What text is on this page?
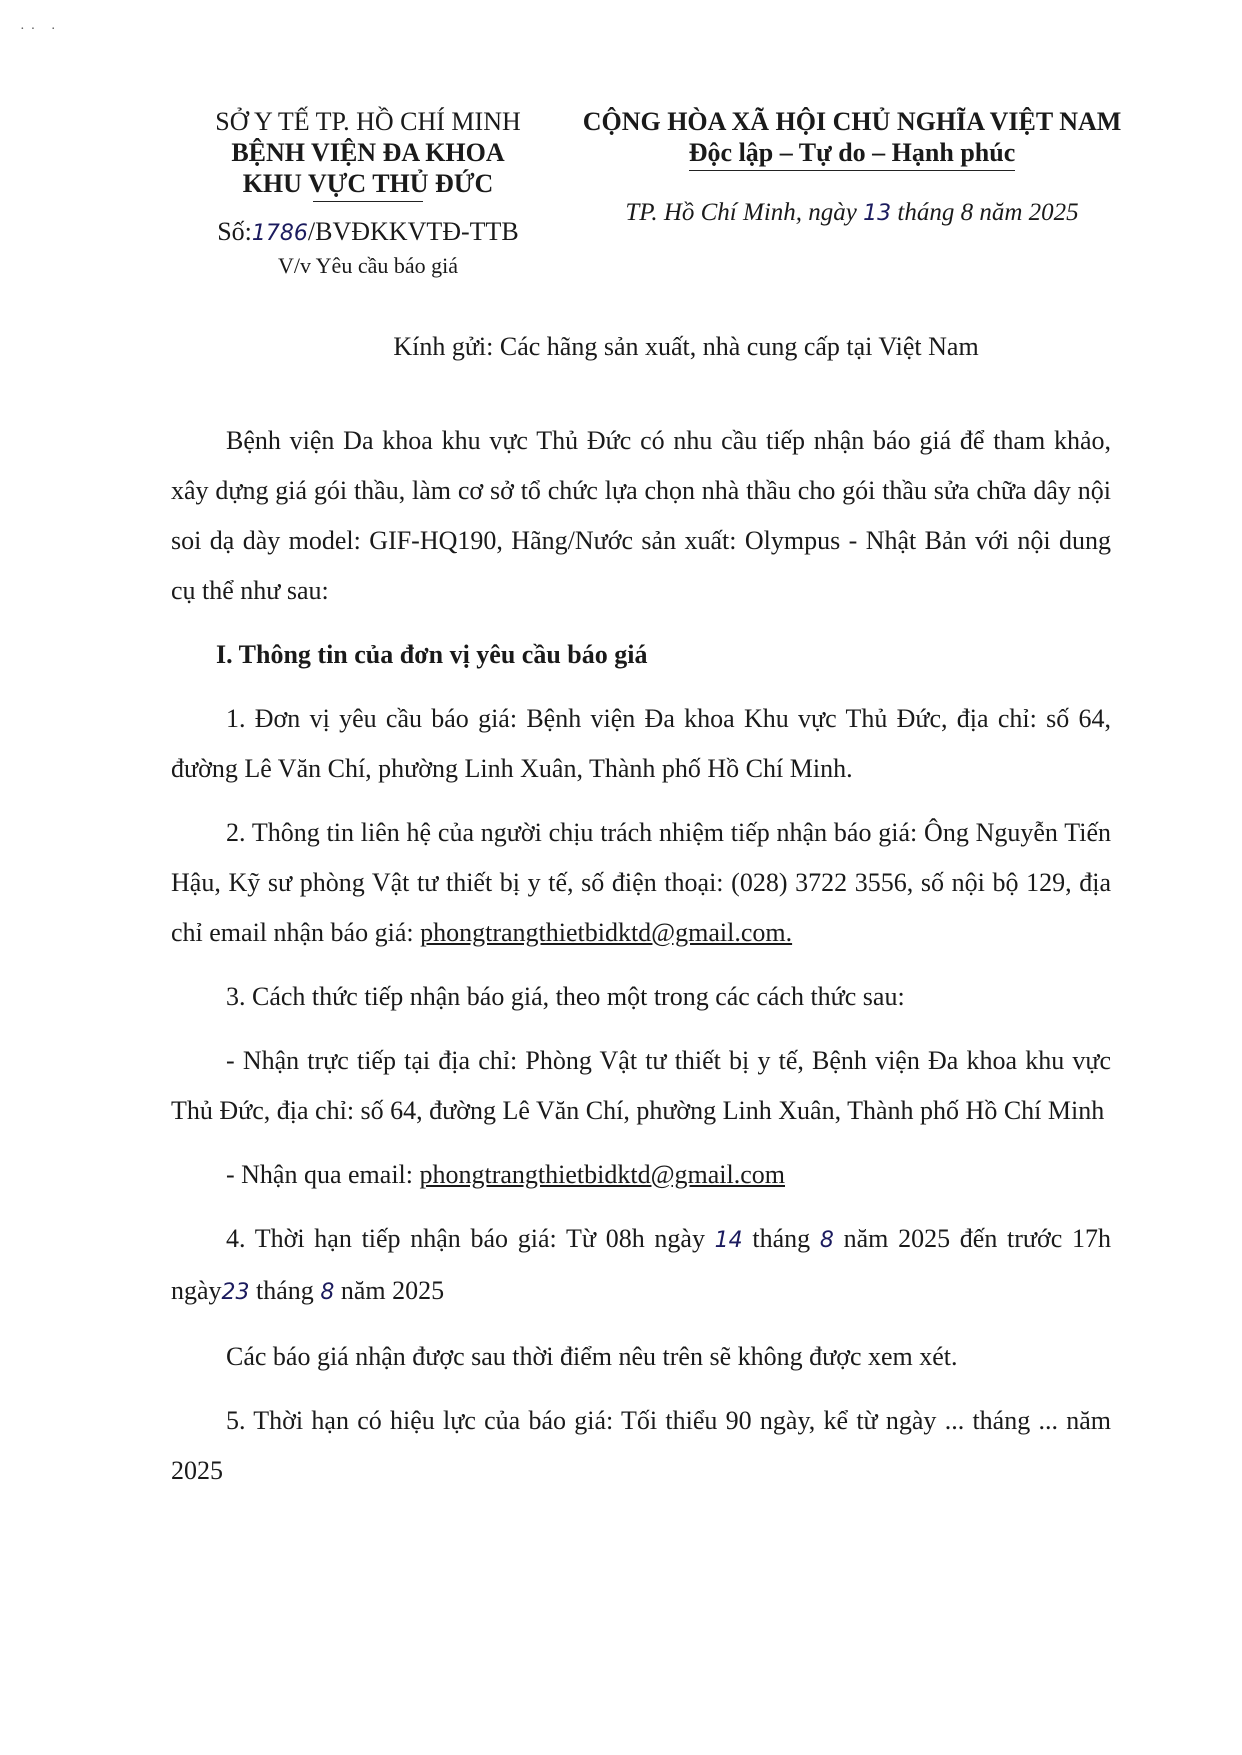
·· ·
SỞ Y TẾ TP. HỒ CHÍ MINH
BỆNH VIỆN ĐA KHOA
KHU VỰC THỦ ĐỨC
Số:1786/BVĐKKVTĐ-TTB
V/v Yêu cầu báo giá
CỘNG HÒA XÃ HỘI CHỦ NGHĨA VIỆT NAM
Độc lập – Tự do – Hạnh phúc
TP. Hồ Chí Minh, ngày 13 tháng 8 năm 2025
Kính gửi: Các hãng sản xuất, nhà cung cấp tại Việt Nam

Bệnh viện Da khoa khu vực Thủ Đức có nhu cầu tiếp nhận báo giá để tham khảo, xây dựng giá gói thầu, làm cơ sở tổ chức lựa chọn nhà thầu cho gói thầu sửa chữa dây nội soi dạ dày model: GIF-HQ190, Hãng/Nước sản xuất: Olympus - Nhật Bản với nội dung cụ thể như sau:

I. Thông tin của đơn vị yêu cầu báo giá

1. Đơn vị yêu cầu báo giá: Bệnh viện Đa khoa Khu vực Thủ Đức, địa chỉ: số 64, đường Lê Văn Chí, phường Linh Xuân, Thành phố Hồ Chí Minh.

2. Thông tin liên hệ của người chịu trách nhiệm tiếp nhận báo giá: Ông Nguyễn Tiến Hậu, Kỹ sư phòng Vật tư thiết bị y tế, số điện thoại: (028) 3722 3556, số nội bộ 129, địa chỉ email nhận báo giá: phongtrangthietbidktd@gmail.com.

3. Cách thức tiếp nhận báo giá, theo một trong các cách thức sau:

- Nhận trực tiếp tại địa chỉ: Phòng Vật tư thiết bị y tế, Bệnh viện Đa khoa khu vực Thủ Đức, địa chỉ: số 64, đường Lê Văn Chí, phường Linh Xuân, Thành phố Hồ Chí Minh

- Nhận qua email: phongtrangthietbidktd@gmail.com

4. Thời hạn tiếp nhận báo giá: Từ 08h ngày 14 tháng 8 năm 2025 đến trước 17h ngày23 tháng 8 năm 2025

Các báo giá nhận được sau thời điểm nêu trên sẽ không được xem xét.

5. Thời hạn có hiệu lực của báo giá: Tối thiểu 90 ngày, kể từ ngày ... tháng ... năm 2025
